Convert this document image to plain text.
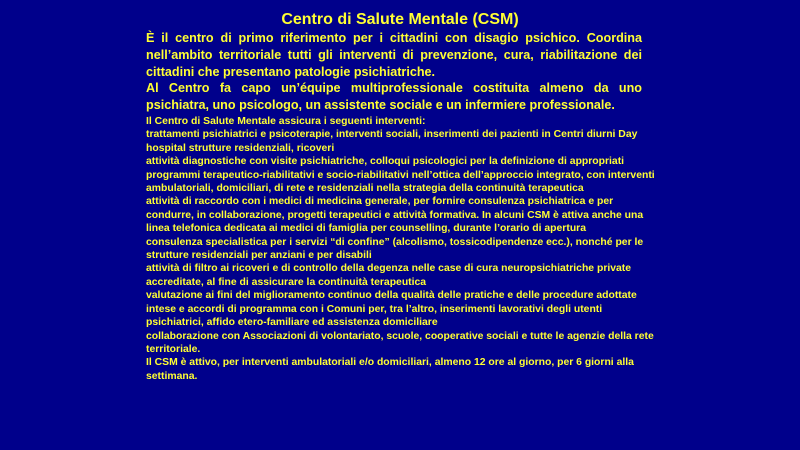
Centro di Salute Mentale (CSM)

È il centro di primo riferimento per i cittadini con disagio psichico. Coordina nell’ambito territoriale tutti gli interventi di prevenzione, cura, riabilitazione dei cittadini che presentano patologie psichiatriche.

Al Centro fa capo un’équipe multiprofessionale costituita almeno da uno psichiatra, uno psicologo, un assistente sociale e un infermiere professionale.

Il Centro di Salute Mentale assicura i seguenti interventi:

trattamenti psichiatrici e psicoterapie, interventi sociali, inserimenti dei pazienti in Centri diurni Day hospital strutture residenziali, ricoveri

attività diagnostiche con visite psichiatriche, colloqui psicologici per la definizione di appropriati programmi terapeutico-riabilitativi e socio-riabilitativi nell’ottica dell’approccio integrato, con interventi ambulatoriali, domiciliari, di rete e residenziali nella strategia della continuità terapeutica

attività di raccordo con i medici di medicina generale, per fornire consulenza psichiatrica e per condurre, in collaborazione, progetti terapeutici e attività formativa. In alcuni CSM è attiva anche una linea telefonica dedicata ai medici di famiglia per counselling, durante l’orario di apertura

consulenza specialistica per i servizi “di confine” (alcolismo, tossicodipendenze ecc.), nonché per le strutture residenziali per anziani e per disabili

attività di filtro ai ricoveri e di controllo della degenza nelle case di cura neuropsichiatriche private accreditate, al fine di assicurare la continuità terapeutica

valutazione ai fini del miglioramento continuo della qualità delle pratiche e delle procedure adottate

intese e accordi di programma con i Comuni per, tra l’altro, inserimenti lavorativi degli utenti psichiatrici, affido etero-familiare ed assistenza domiciliare

collaborazione con Associazioni di volontariato, scuole, cooperative sociali e tutte le agenzie della rete territoriale.

Il CSM è attivo, per interventi ambulatoriali e/o domiciliari, almeno 12 ore al giorno, per 6 giorni alla settimana.
